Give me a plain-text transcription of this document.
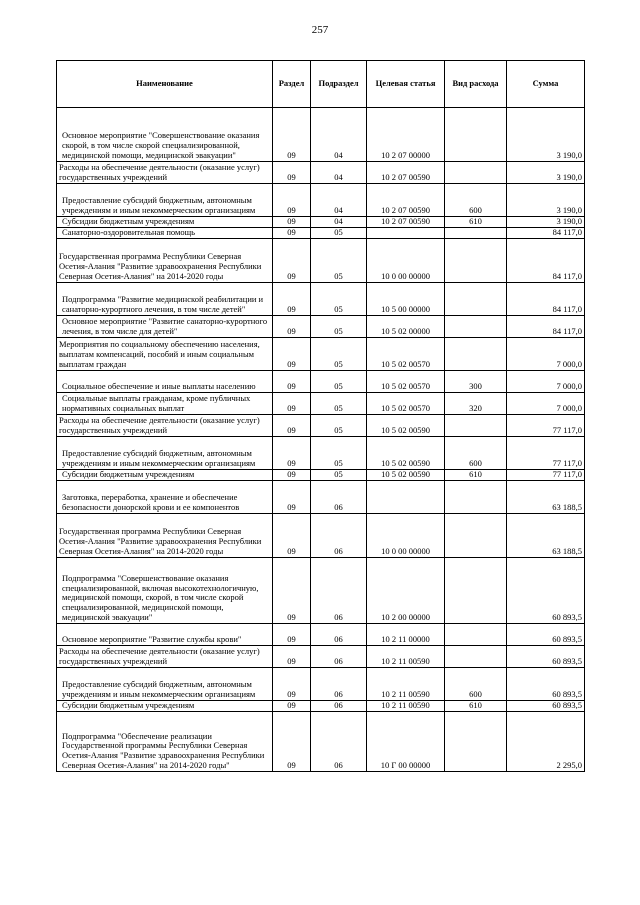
257
Наименование	Раздел	Подраздел	Целевая статья	Вид расхода	Сумма
Основное мероприятие "Совершенствование оказания скорой, в том числе скорой специализированной, медицинской помощи, медицинской эвакуации"	09	04	10 2 07 00000		3 190,0
Расходы на обеспечение деятельности (оказание услуг) государственных учреждений	09	04	10 2 07 00590		3 190,0
Предоставление субсидий бюджетным, автономным учреждениям и иным некоммерческим организациям	09	04	10 2 07 00590	600	3 190,0
Субсидии бюджетным учреждениям	09	04	10 2 07 00590	610	3 190,0
Санаторно-оздоровительная помощь	09	05			84 117,0
Государственная программа Республики Северная Осетия-Алания "Развитие здравоохранения Республики Северная Осетия-Алания" на 2014-2020 годы	09	05	10 0 00 00000		84 117,0
Подпрограмма "Развитие медицинской реабилитации и санаторно-курортного лечения, в том числе детей"	09	05	10 5 00 00000		84 117,0
Основное мероприятие "Развитие санаторно-курортного лечения, в том числе для детей"	09	05	10 5 02 00000		84 117,0
Мероприятия по социальному обеспечению населения, выплатам компенсаций, пособий и иным социальным выплатам граждан	09	05	10 5 02 00570		7 000,0
Социальное обеспечение и иные выплаты населению	09	05	10 5 02 00570	300	7 000,0
Социальные выплаты гражданам, кроме публичных нормативных социальных выплат	09	05	10 5 02 00570	320	7 000,0
Расходы на обеспечение деятельности (оказание услуг) государственных учреждений	09	05	10 5 02 00590		77 117,0
Предоставление субсидий бюджетным, автономным учреждениям и иным некоммерческим организациям	09	05	10 5 02 00590	600	77 117,0
Субсидии бюджетным учреждениям	09	05	10 5 02 00590	610	77 117,0
Заготовка, переработка, хранение и обеспечение безопасности донорской крови и ее компонентов	09	06			63 188,5
Государственная программа Республики Северная Осетия-Алания "Развитие здравоохранения Республики Северная Осетия-Алания" на 2014-2020 годы	09	06	10 0 00 00000		63 188,5
Подпрограмма "Совершенствование оказания специализированной, включая высокотехнологичную, медицинской помощи, скорой, в том числе скорой специализированной, медицинской помощи, медицинской эвакуации"	09	06	10 2 00 00000		60 893,5
Основное мероприятие "Развитие службы крови"	09	06	10 2 11 00000		60 893,5
Расходы на обеспечение деятельности (оказание услуг) государственных учреждений	09	06	10 2 11 00590		60 893,5
Предоставление субсидий бюджетным, автономным учреждениям и иным некоммерческим организациям	09	06	10 2 11 00590	600	60 893,5
Субсидии бюджетным учреждениям	09	06	10 2 11 00590	610	60 893,5
Подпрограмма "Обеспечение реализации Государственной программы Республики Северная Осетия-Алания "Развитие здравоохранения Республики Северная Осетия-Алания" на 2014-2020 годы"	09	06	10 Г 00 00000		2 295,0
